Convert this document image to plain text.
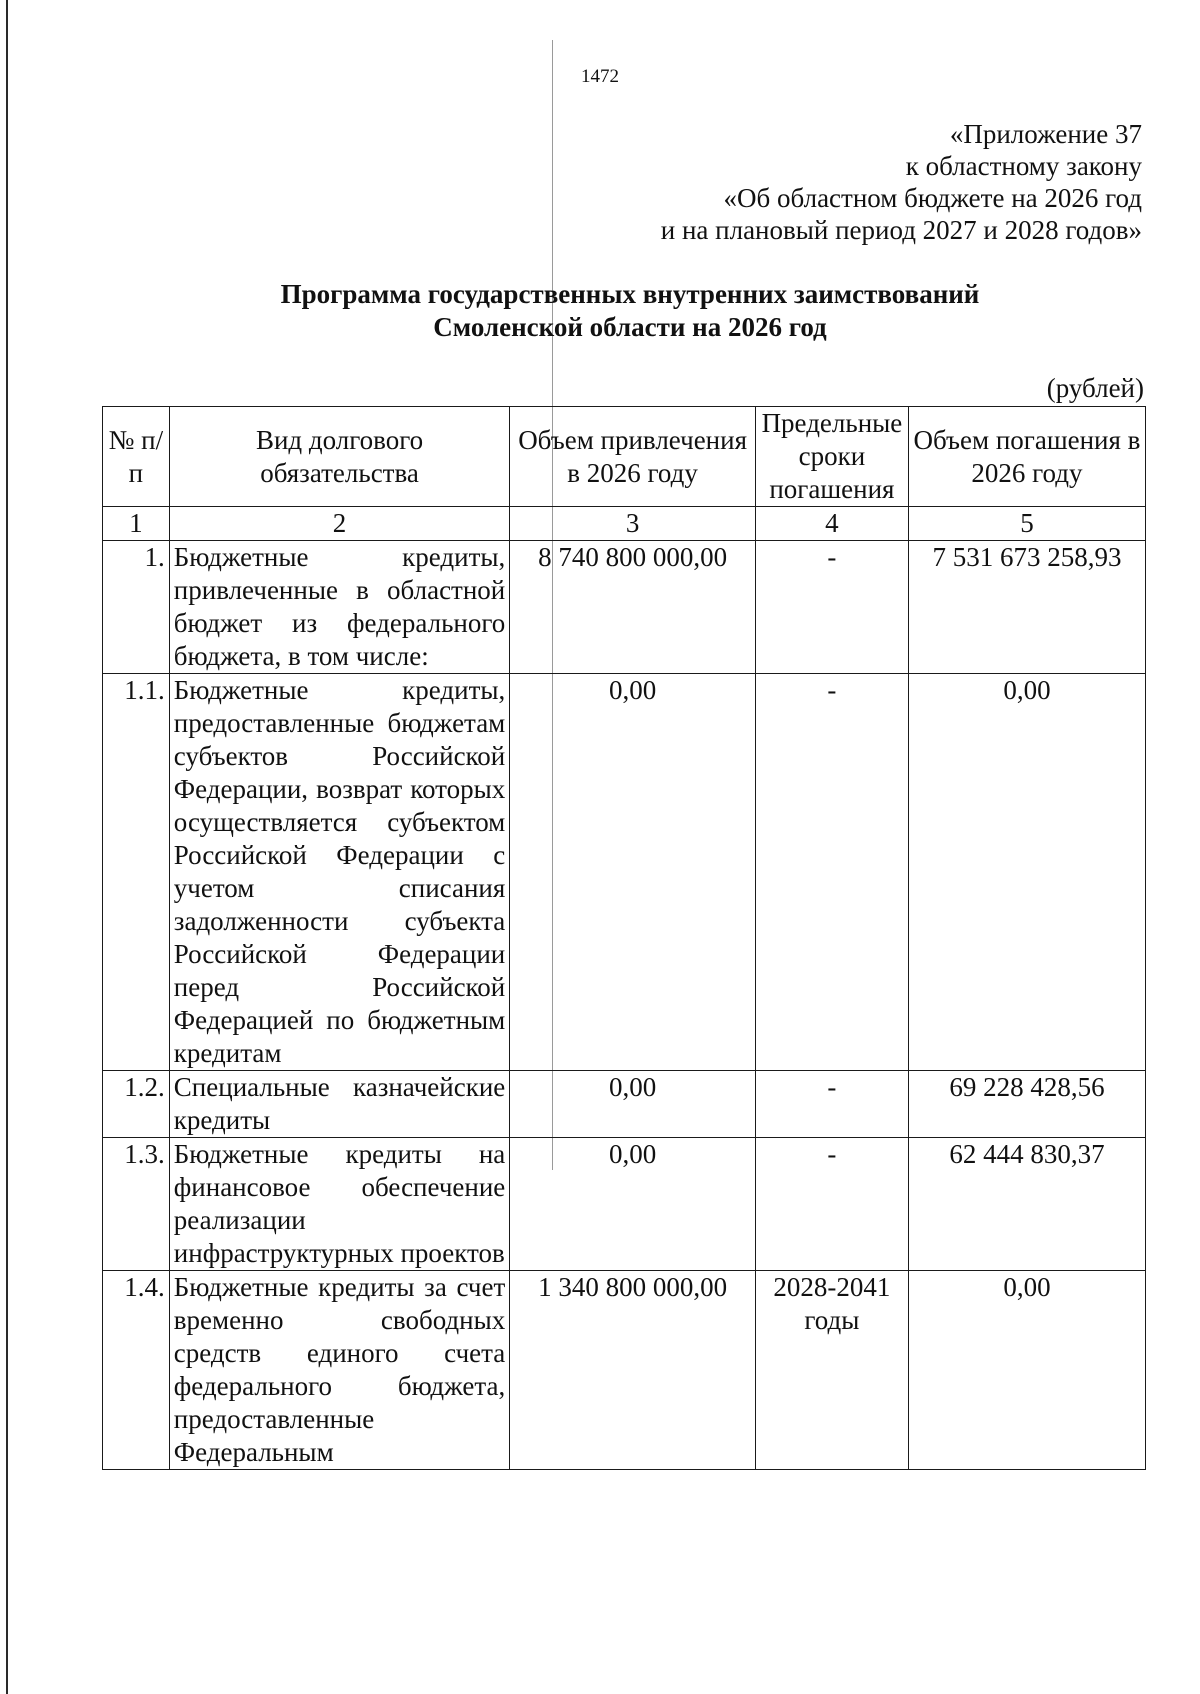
1472
«Приложение 37
к областному закону
«Об областном бюджете на 2026 год
и на плановый период 2027 и 2028 годов»
Программа государственных внутренних заимствований
Смоленской области на 2026 год
(рублей)
№ п/п	Вид долгового обязательства	Объем привлечения в 2026 году	Предельные сроки погашения	Объем погашения в 2026 году
1	2	3	4	5
1.	Бюджетные кредиты, привлеченные в областной бюджет из федерального бюджета, в том числе:	8 740 800 000,00	-	7 531 673 258,93
1.1.	Бюджетные кредиты, предоставленные бюджетам субъектов Российской Федерации, возврат которых осуществляется субъектом Российской Федерации с учетом списания задолженности субъекта Российской Федерации перед Российской Федерацией по бюджетным кредитам	0,00	-	0,00
1.2.	Специальные казначейские кредиты	0,00	-	69 228 428,56
1.3.	Бюджетные кредиты на финансовое обеспечение реализации инфраструктурных проектов	0,00	-	62 444 830,37
1.4.	Бюджетные кредиты за счет временно свободных средств единого счета федерального бюджета, предоставленные Федеральным	1 340 800 000,00	2028-2041 годы	0,00
